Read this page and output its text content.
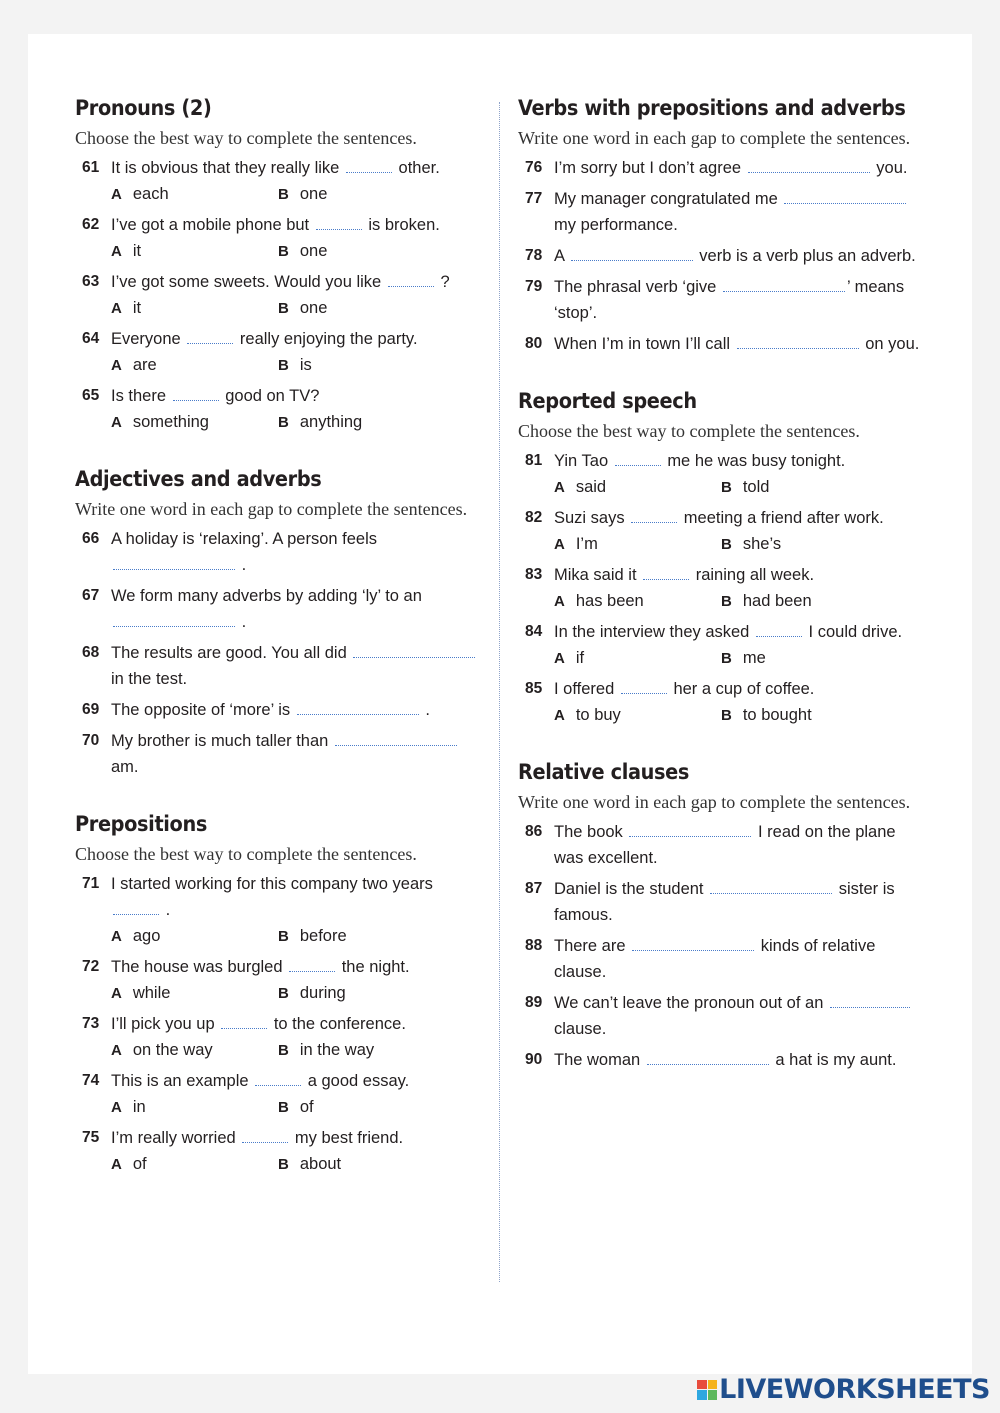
Pronouns (2)

Choose the best way to complete the sentences.

61 It is obvious that they really like	other.
A each	B one
62 I’ve got a mobile phone but	is broken.
A it	B one
63 I’ve got some sweets. Would you like	?
A it	B one
64 Everyone	really enjoying the party.
A are	B is
65 Is there	good on TV?
A something	B anything
Adjectives and adverbs

Write one word in each gap to complete the sentences.

66 A holiday is ‘relaxing’. A person feels
.
67 We form many adverbs by adding ‘ly’ to an
.
68 The results are good. You all did
in the test.
69 The opposite of ‘more’ is	.
70 My brother is much taller than
am.
Prepositions

Choose the best way to complete the sentences.

71 I started working for this company two years
.
A ago	B before
72 The house was burgled	the night.
A while	B during
73 I’ll pick you up	to the conference.
A on the way	B in the way
74 This is an example	a good essay.
A in	B of
75 I’m really worried	my best friend.
A of	B about
Verbs with prepositions and adverbs

Write one word in each gap to complete the sentences.

76 I’m sorry but I don’t agree	you.
77 My manager congratulated me
my performance.
78 A	verb is a verb plus an adverb.
79 The phrasal verb ‘give	’ means ‘stop’.
80 When I’m in town I’ll call	on you.
Reported speech

Choose the best way to complete the sentences.

81 Yin Tao	me he was busy tonight.
A said	B told
82 Suzi says	meeting a friend after work.
A I’m	B she’s
83 Mika said it	raining all week.
A has been	B had been
84 In the interview they asked	I could drive.
A if	B me
85 I offered	her a cup of coffee.
A to buy	B to bought
Relative clauses

Write one word in each gap to complete the sentences.

86 The book	I read on the plane was excellent.
87 Daniel is the student	sister is famous.
88 There are	kinds of relative clause.
89 We can’t leave the pronoun out of an
clause.
90 The woman	a hat is my aunt.
LIVEWORKSHEETS
